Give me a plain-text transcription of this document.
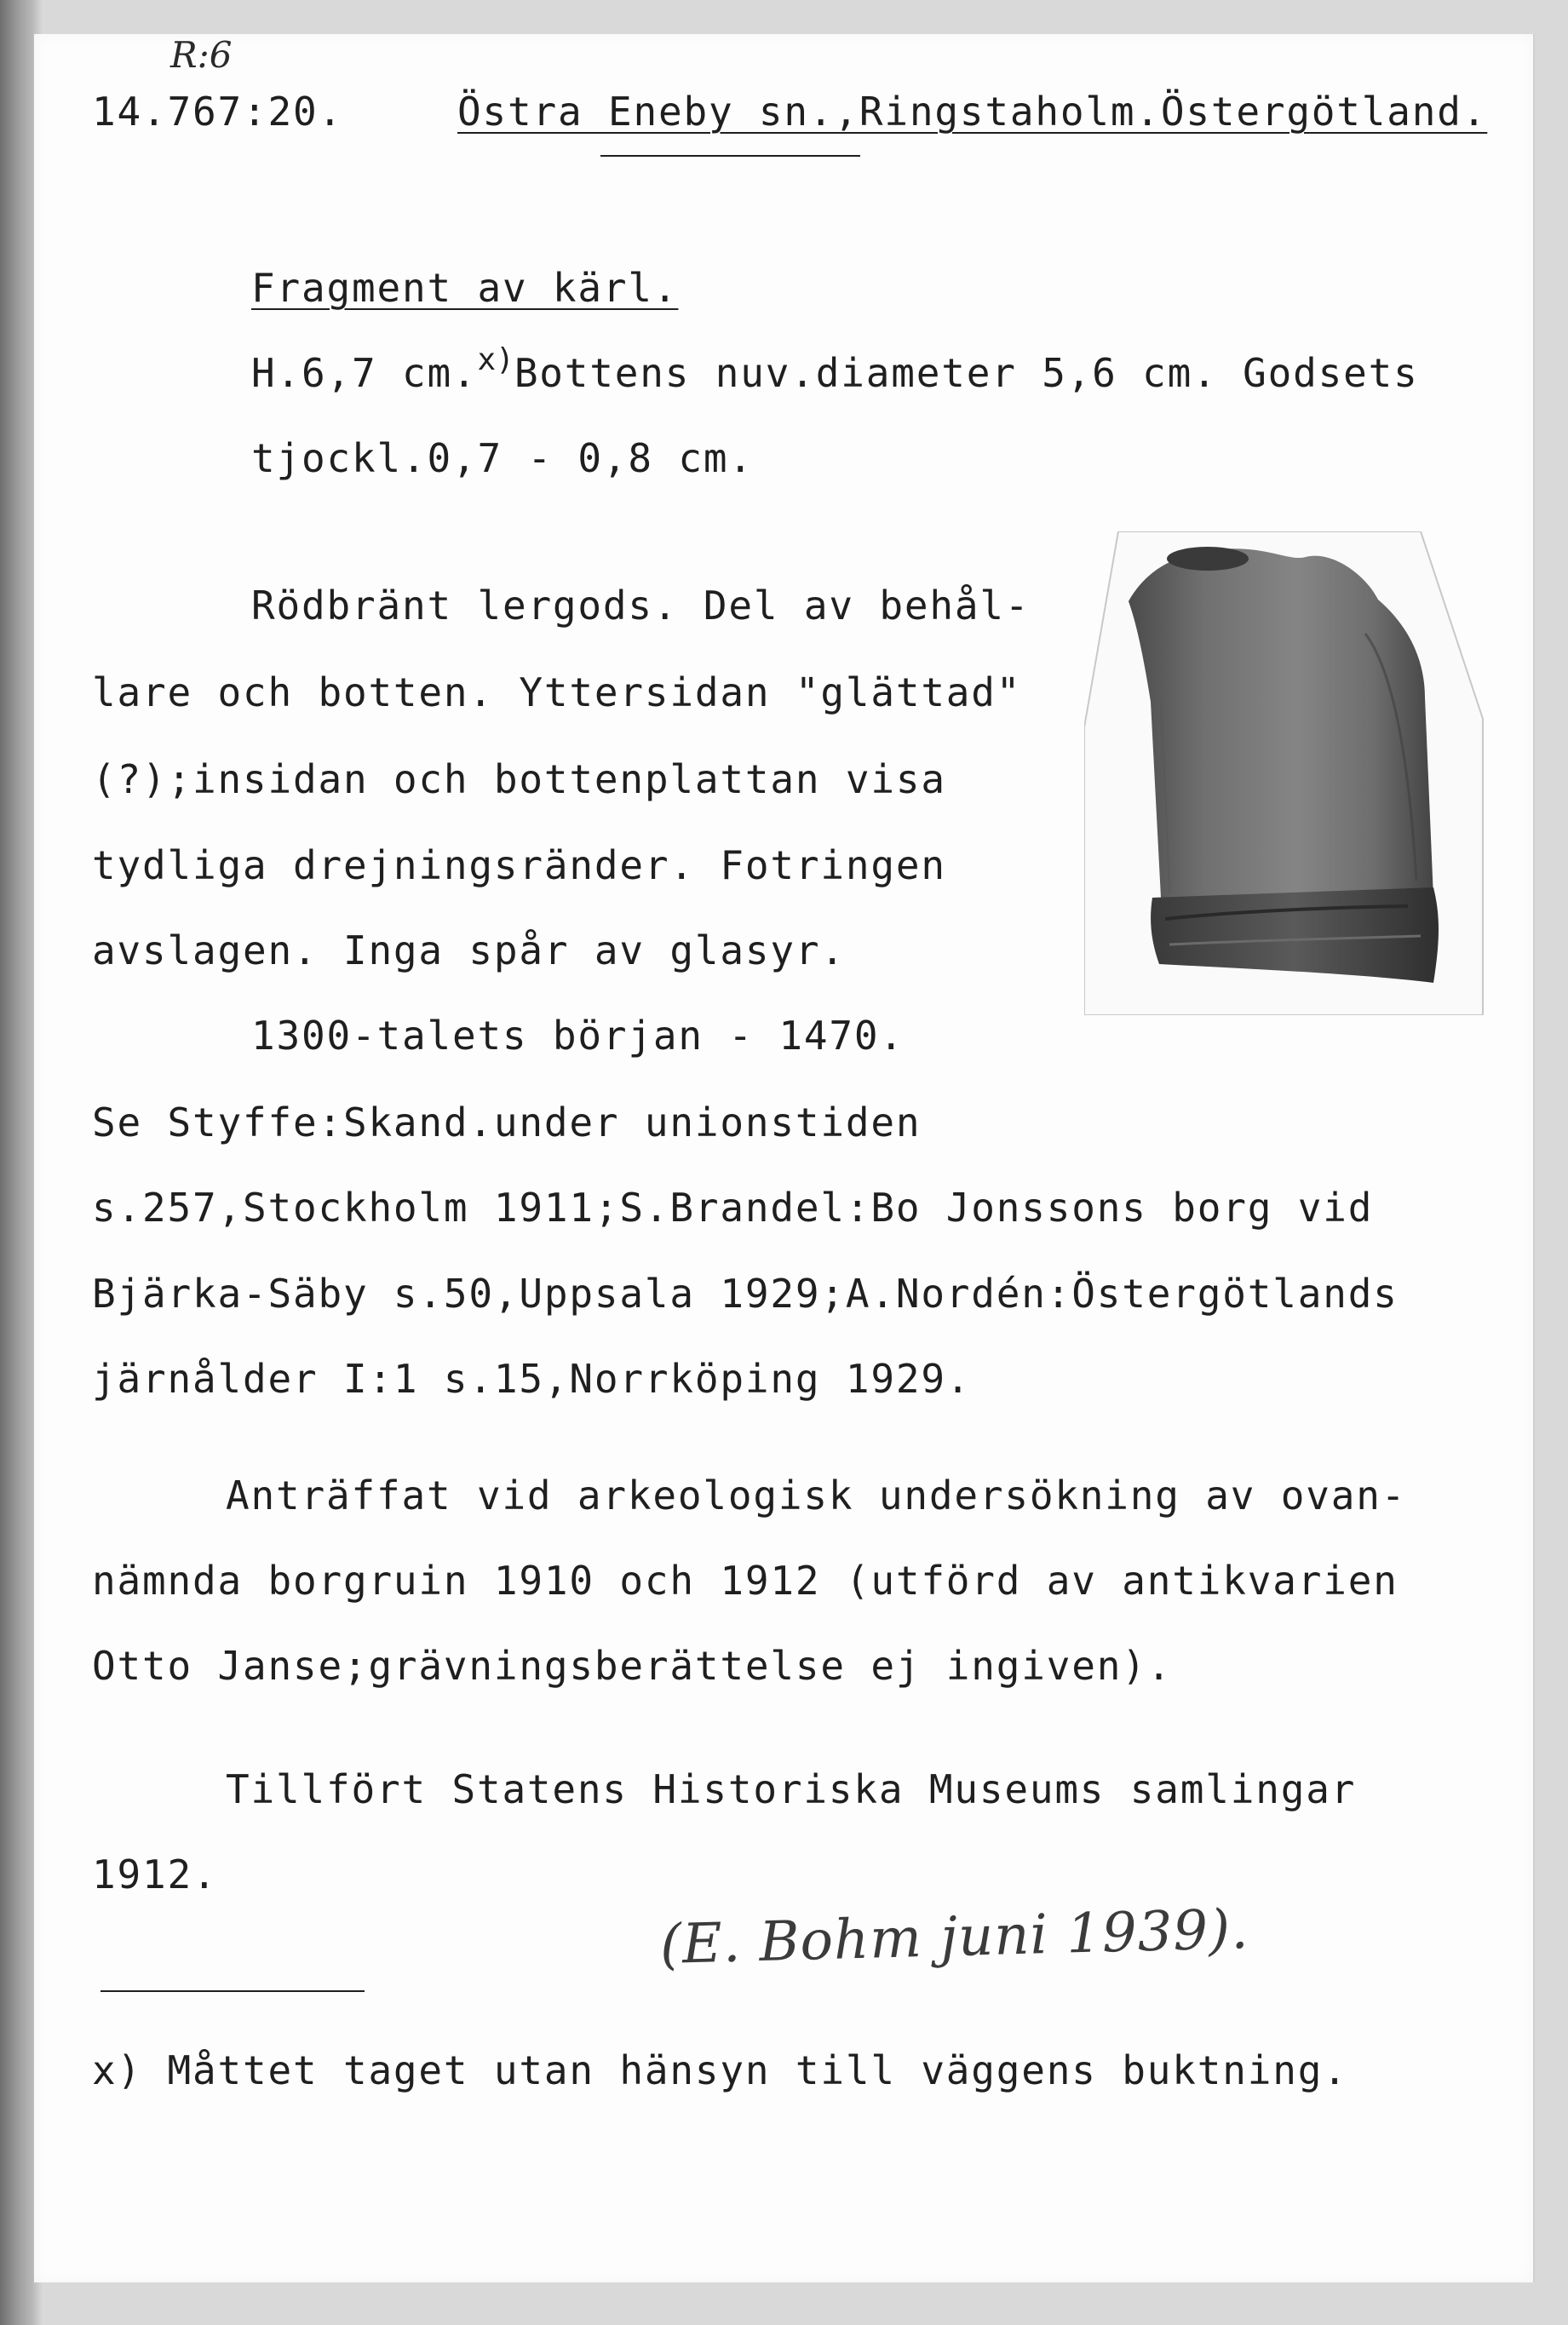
R:6
14.767:20.	Östra Eneby sn.,Ringstaholm.Östergötland.
Fragment av kärl.
H.6,7 cm.$^{x)}$Bottens nuv.diameter 5,6 cm. Godsets
tjockl.0,7 - 0,8 cm.
Rödbränt lergods. Del av behål-
lare och botten. Yttersidan "glättad"
(?);insidan och bottenplattan visa
tydliga drejningsränder. Fotringen
avslagen. Inga spår av glasyr.
1300-talets början - 1470.
Se Styffe:Skand.under unionstiden
s.257,Stockholm 1911;S.Brandel:Bo Jonssons borg vid
Bjärka-Säby s.50,Uppsala 1929;A.Nordén:Östergötlands
järnålder I:1 s.15,Norrköping 1929.
Anträffat vid arkeologisk undersökning av ovan-
nämnda borgruin 1910 och 1912 (utförd av antikvarien
Otto Janse;grävningsberättelse ej ingiven).
Tillfört Statens Historiska Museums samlingar
1912.
(E. Bohm juni 1939).
x) Måttet taget utan hänsyn till väggens buktning.
